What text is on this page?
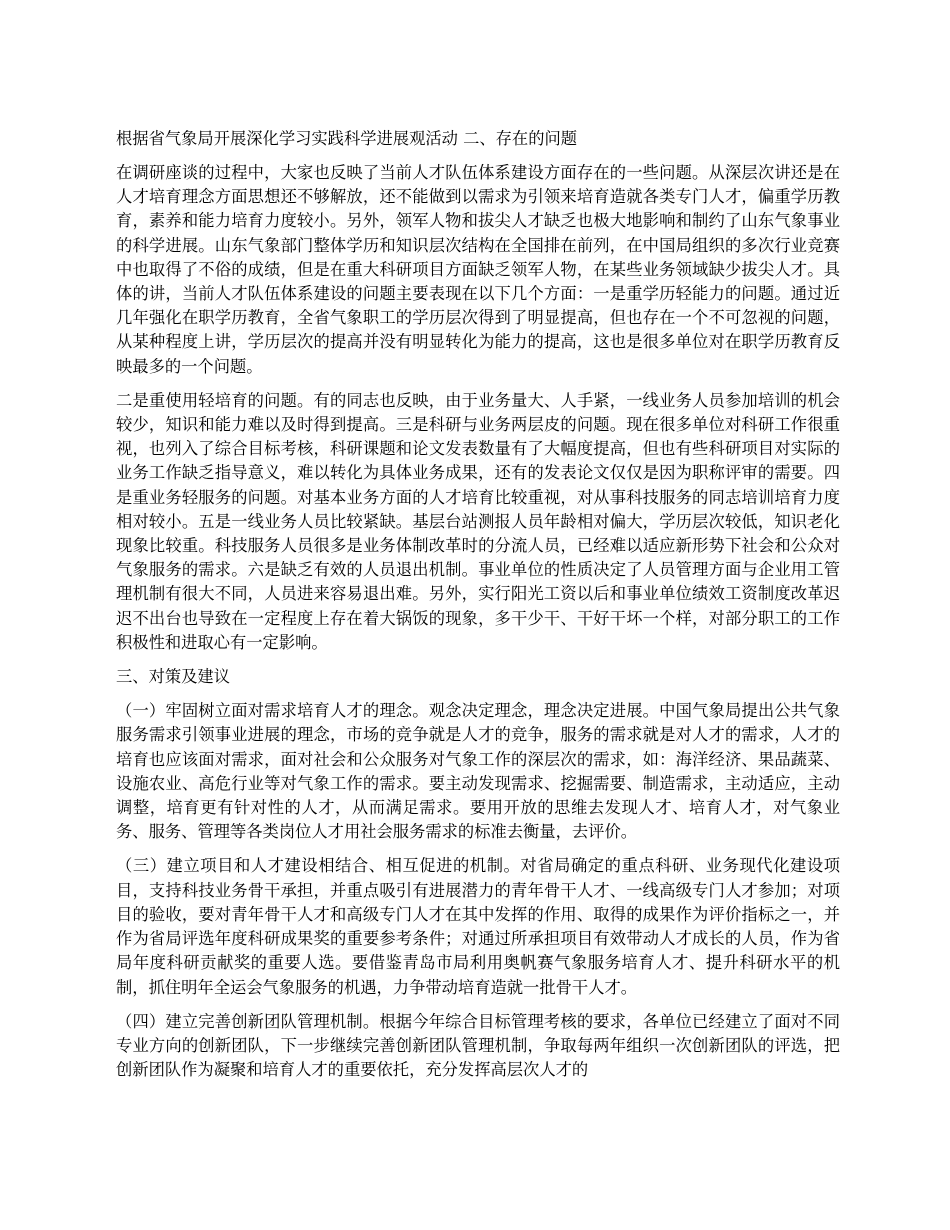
根据省气象局开展深化学习实践科学进展观活动 二、存在的问题

在调研座谈的过程中，大家也反映了当前人才队伍体系建设方面存在的一些问题。从深层次讲还是在人才培育理念方面思想还不够解放，还不能做到以需求为引领来培育造就各类专门人才，偏重学历教育，素养和能力培育力度较小。另外，领军人物和拔尖人才缺乏也极大地影响和制约了山东气象事业的科学进展。山东气象部门整体学历和知识层次结构在全国排在前列，在中国局组织的多次行业竞赛中也取得了不俗的成绩，但是在重大科研项目方面缺乏领军人物，在某些业务领域缺少拔尖人才。具体的讲，当前人才队伍体系建设的问题主要表现在以下几个方面：一是重学历轻能力的问题。通过近几年强化在职学历教育，全省气象职工的学历层次得到了明显提高，但也存在一个不可忽视的问题，从某种程度上讲，学历层次的提高并没有明显转化为能力的提高，这也是很多单位对在职学历教育反映最多的一个问题。

二是重使用轻培育的问题。有的同志也反映，由于业务量大、人手紧，一线业务人员参加培训的机会较少，知识和能力难以及时得到提高。三是科研与业务两层皮的问题。现在很多单位对科研工作很重视，也列入了综合目标考核，科研课题和论文发表数量有了大幅度提高，但也有些科研项目对实际的业务工作缺乏指导意义，难以转化为具体业务成果，还有的发表论文仅仅是因为职称评审的需要。四是重业务轻服务的问题。对基本业务方面的人才培育比较重视，对从事科技服务的同志培训培育力度相对较小。五是一线业务人员比较紧缺。基层台站测报人员年龄相对偏大，学历层次较低，知识老化现象比较重。科技服务人员很多是业务体制改革时的分流人员，已经难以适应新形势下社会和公众对气象服务的需求。六是缺乏有效的人员退出机制。事业单位的性质决定了人员管理方面与企业用工管理机制有很大不同，人员进来容易退出难。另外，实行阳光工资以后和事业单位绩效工资制度改革迟迟不出台也导致在一定程度上存在着大锅饭的现象，多干少干、干好干坏一个样，对部分职工的工作积极性和进取心有一定影响。

三、对策及建议

（一）牢固树立面对需求培育人才的理念。观念决定理念，理念决定进展。中国气象局提出公共气象服务需求引领事业进展的理念，市场的竞争就是人才的竞争，服务的需求就是对人才的需求，人才的培育也应该面对需求，面对社会和公众服务对气象工作的深层次的需求，如：海洋经济、果品蔬菜、设施农业、高危行业等对气象工作的需求。要主动发现需求、挖掘需要、制造需求，主动适应，主动调整，培育更有针对性的人才，从而满足需求。要用开放的思维去发现人才、培育人才，对气象业务、服务、管理等各类岗位人才用社会服务需求的标准去衡量，去评价。

（三）建立项目和人才建设相结合、相互促进的机制。对省局确定的重点科研、业务现代化建设项目，支持科技业务骨干承担，并重点吸引有进展潜力的青年骨干人才、一线高级专门人才参加；对项目的验收，要对青年骨干人才和高级专门人才在其中发挥的作用、取得的成果作为评价指标之一，并作为省局评选年度科研成果奖的重要参考条件；对通过所承担项目有效带动人才成长的人员，作为省局年度科研贡献奖的重要人选。要借鉴青岛市局利用奥帆赛气象服务培育人才、提升科研水平的机制，抓住明年全运会气象服务的机遇，力争带动培育造就一批骨干人才。

（四）建立完善创新团队管理机制。根据今年综合目标管理考核的要求，各单位已经建立了面对不同专业方向的创新团队，下一步继续完善创新团队管理机制，争取每两年组织一次创新团队的评选，把创新团队作为凝聚和培育人才的重要依托，充分发挥高层次人才的
